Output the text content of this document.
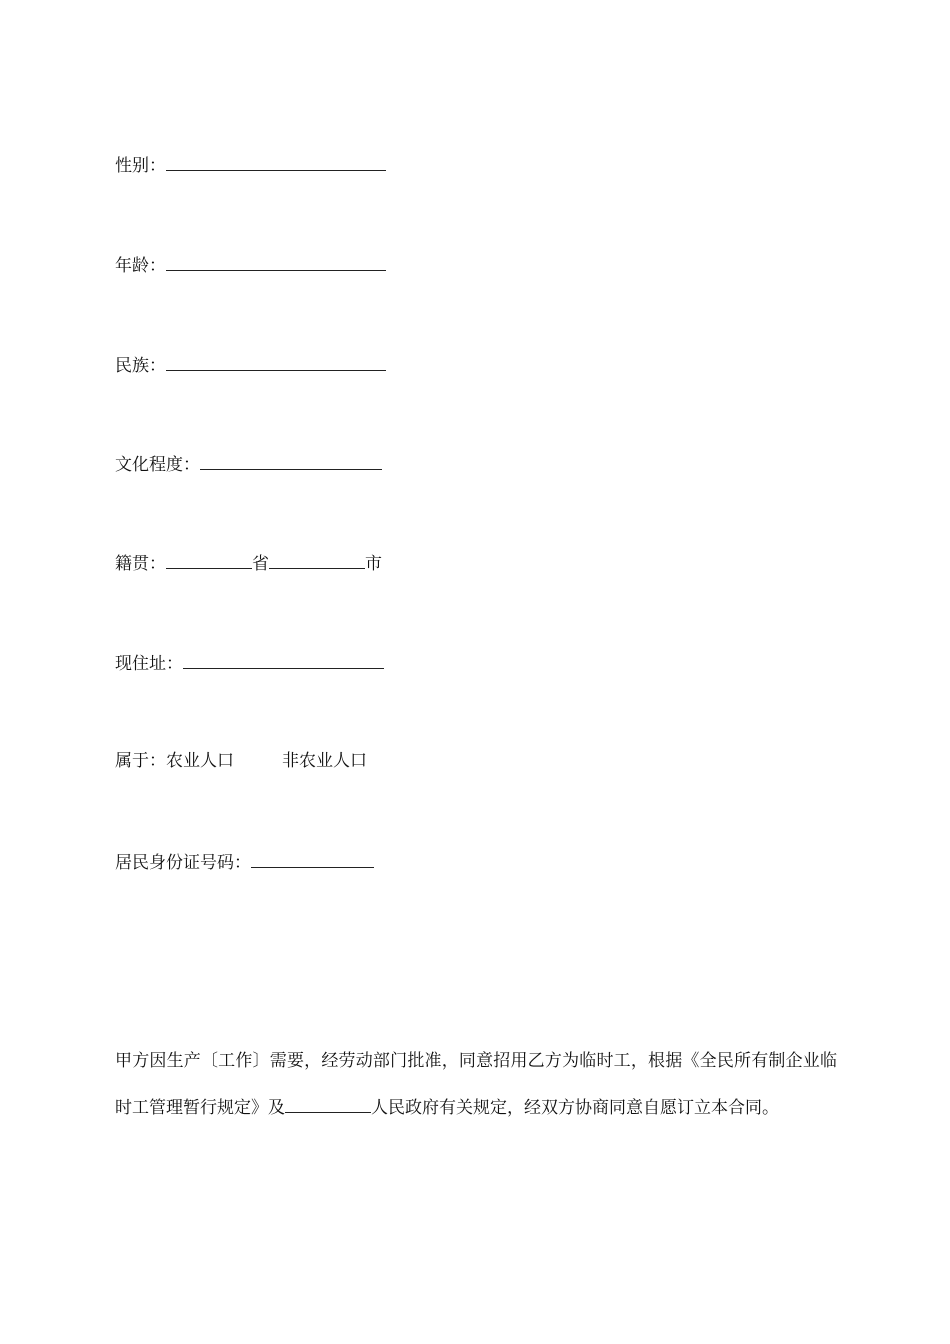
性别：
年龄：
民族：
文化程度：
籍贯：	省	市
现住址：
属于：农业人口	非农业人口
居民身份证号码：
甲方因生产〔工作〕需要，经劳动部门批准，同意招用乙方为临时工，根据《全民所有制企业临时工管理暂行规定》及	人民政府有关规定，经双方协商同意自愿订立本合同。
